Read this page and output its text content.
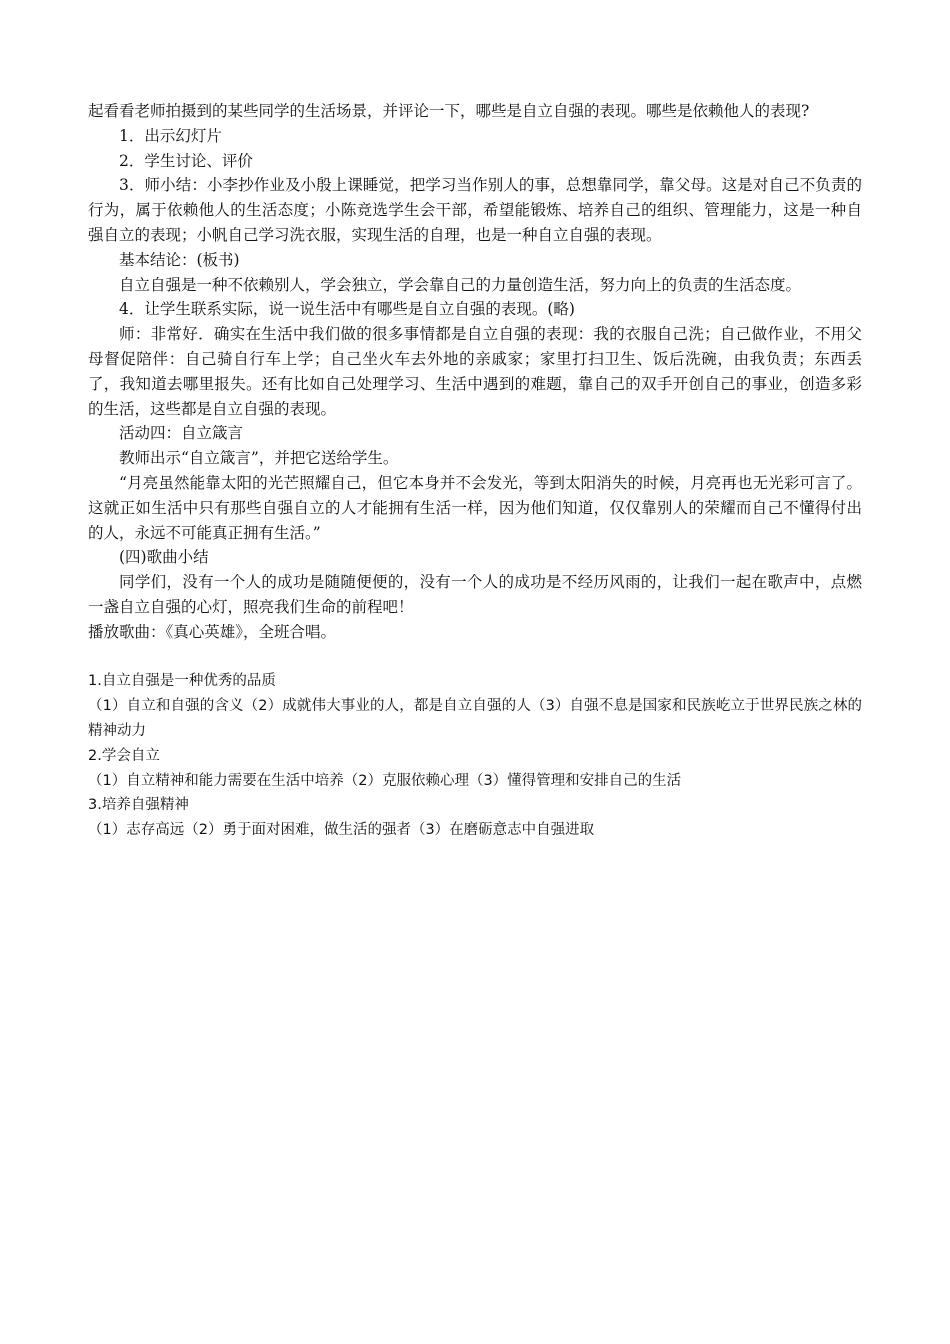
起看看老师拍摄到的某些同学的生活场景，并评论一下，哪些是自立自强的表现。哪些是依赖他人的表现?

1．出示幻灯片

2．学生讨论、评价

3．师小结：小李抄作业及小殷上课睡觉，把学习当作别人的事，总想靠同学，靠父母。这是对自己不负责的行为，属于依赖他人的生活态度；小陈竞选学生会干部，希望能锻炼、培养自己的组织、管理能力，这是一种自强自立的表现；小帆自己学习洗衣服，实现生活的自理，也是一种自立自强的表现。

基本结论：(板书)

自立自强是一种不依赖别人，学会独立，学会靠自己的力量创造生活，努力向上的负责的生活态度。

4．让学生联系实际，说一说生活中有哪些是自立自强的表现。(略)

师：非常好．确实在生活中我们做的很多事情都是自立自强的表现：我的衣服自己洗；自己做作业，不用父母督促陪伴：自己骑自行车上学；自己坐火车去外地的亲戚家；家里打扫卫生、饭后洗碗，由我负责；东西丢了，我知道去哪里报失。还有比如自己处理学习、生活中遇到的难题，靠自己的双手开创自己的事业，创造多彩的生活，这些都是自立自强的表现。

活动四：自立箴言

教师出示“自立箴言”，并把它送给学生。

“月亮虽然能靠太阳的光芒照耀自己，但它本身并不会发光，等到太阳消失的时候，月亮再也无光彩可言了。这就正如生活中只有那些自强自立的人才能拥有生活一样，因为他们知道，仅仅靠别人的荣耀而自己不懂得付出的人，永远不可能真正拥有生活。”

(四)歌曲小结

同学们，没有一个人的成功是随随便便的，没有一个人的成功是不经历风雨的，让我们一起在歌声中，点燃一盏自立自强的心灯，照亮我们生命的前程吧！

播放歌曲：《真心英雄》，全班合唱。

1.自立自强是一种优秀的品质

（1）自立和自强的含义（2）成就伟大事业的人，都是自立自强的人（3）自强不息是国家和民族屹立于世界民族之林的精神动力

2.学会自立

（1）自立精神和能力需要在生活中培养（2）克服依赖心理（3）懂得管理和安排自己的生活

3.培养自强精神

（1）志存高远（2）勇于面对困难，做生活的强者（3）在磨砺意志中自强进取
